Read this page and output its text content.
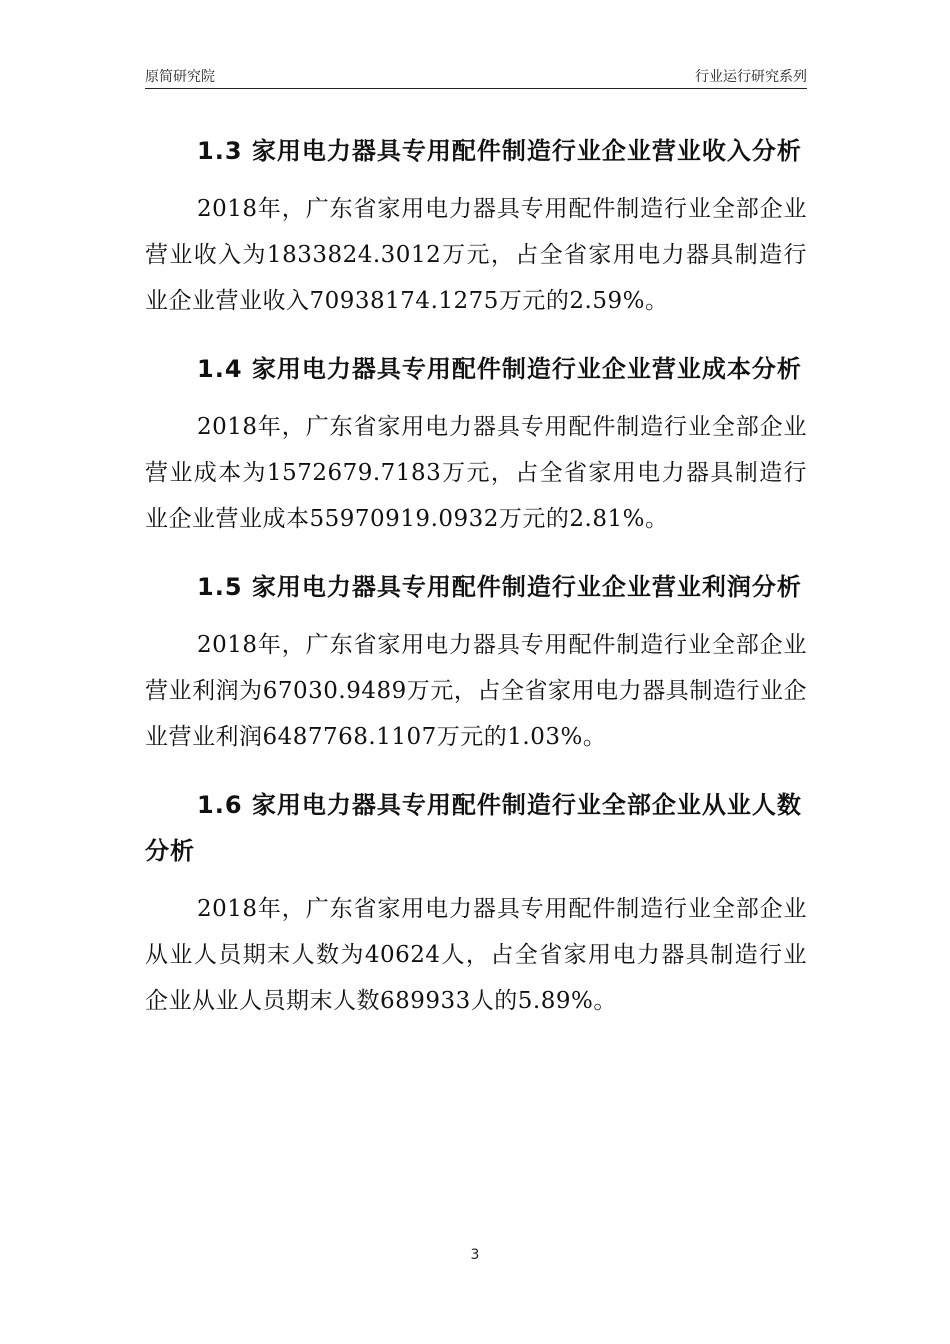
原简研究院	行业运行研究系列

1.3 家用电力器具专用配件制造行业企业营业收入分析

2018年，广东省家用电力器具专用配件制造行业全部企业营业收入为1833824.3012万元，占全省家用电力器具制造行业企业营业收入70938174.1275万元的2.59%。

1.4 家用电力器具专用配件制造行业企业营业成本分析

2018年，广东省家用电力器具专用配件制造行业全部企业营业成本为1572679.7183万元，占全省家用电力器具制造行业企业营业成本55970919.0932万元的2.81%。

1.5 家用电力器具专用配件制造行业企业营业利润分析

2018年，广东省家用电力器具专用配件制造行业全部企业营业利润为67030.9489万元，占全省家用电力器具制造行业企业营业利润6487768.1107万元的1.03%。

1.6 家用电力器具专用配件制造行业全部企业从业人数分析

2018年，广东省家用电力器具专用配件制造行业全部企业从业人员期末人数为40624人，占全省家用电力器具制造行业企业从业人员期末人数689933人的5.89%。

3
